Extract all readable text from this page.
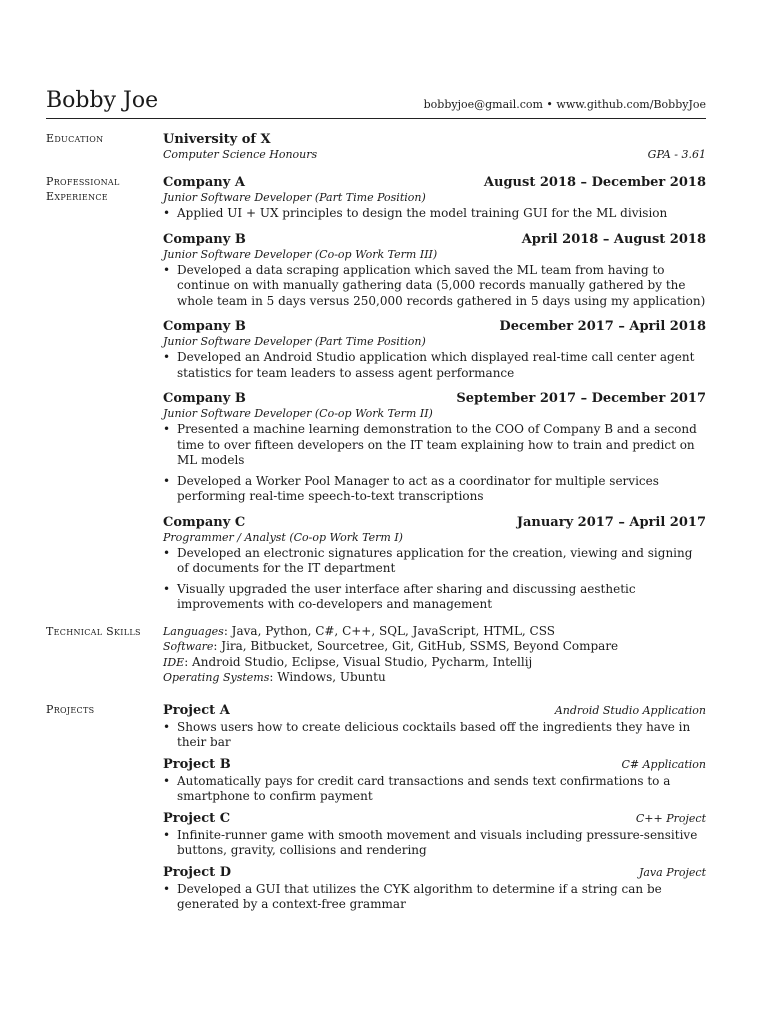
Bobby Joe	bobbyjoe@gmail.com • www.github.com/BobbyJoe
Education	University of X
Computer Science Honours	GPA - 3.61
Professional
Experience
Company A	August 2018 – December 2018
Junior Software Developer (Part Time Position)
• Applied UI + UX principles to design the model training GUI for the ML division
Company B	April 2018 – August 2018
Junior Software Developer (Co-op Work Term III)
• Developed a data scraping application which saved the ML team from having to continue on with manually gathering data (5,000 records manually gathered by the whole team in 5 days versus 250,000 records gathered in 5 days using my application)
Company B	December 2017 – April 2018
Junior Software Developer (Part Time Position)
• Developed an Android Studio application which displayed real-time call center agent statistics for team leaders to assess agent performance
Company B	September 2017 – December 2017
Junior Software Developer (Co-op Work Term II)
• Presented a machine learning demonstration to the COO of Company B and a second time to over fifteen developers on the IT team explaining how to train and predict on ML models
• Developed a Worker Pool Manager to act as a coordinator for multiple services performing real-time speech-to-text transcriptions
Company C	January 2017 – April 2017
Programmer / Analyst (Co-op Work Term I)
• Developed an electronic signatures application for the creation, viewing and signing of documents for the IT department
• Visually upgraded the user interface after sharing and discussing aesthetic improvements with co-developers and management
Technical Skills	Languages: Java, Python, C#, C++, SQL, JavaScript, HTML, CSS
Software: Jira, Bitbucket, Sourcetree, Git, GitHub, SSMS, Beyond Compare
IDE: Android Studio, Eclipse, Visual Studio, Pycharm, Intellij
Operating Systems: Windows, Ubuntu
Projects	Project A	Android Studio Application
• Shows users how to create delicious cocktails based off the ingredients they have in their bar
Project B	C# Application
• Automatically pays for credit card transactions and sends text confirmations to a smartphone to confirm payment
Project C	C++ Project
• Infinite-runner game with smooth movement and visuals including pressure-sensitive buttons, gravity, collisions and rendering
Project D	Java Project
• Developed a GUI that utilizes the CYK algorithm to determine if a string can be generated by a context-free grammar
